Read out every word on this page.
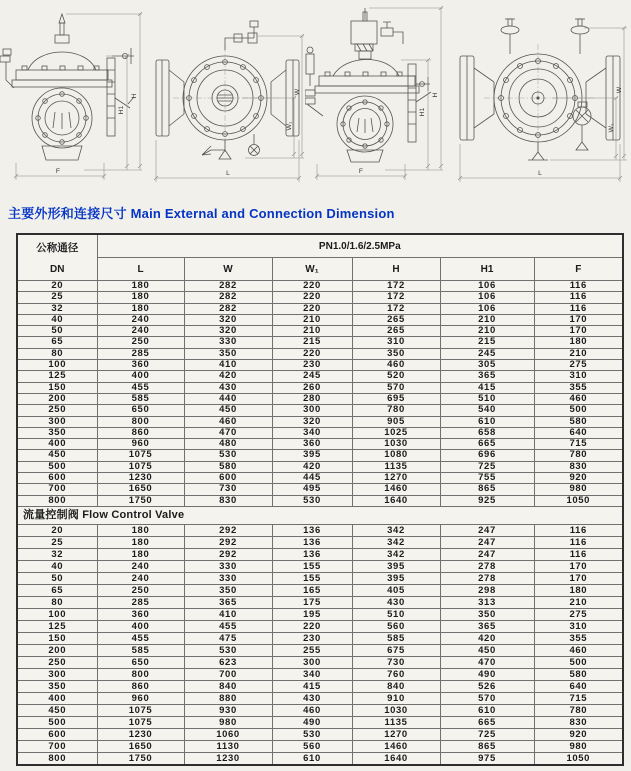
F
H1
H
L
W
W₁
F
H1
H
L
W
W₁
主要外形和连接尺寸 Main External and Connection Dimension
公称通径
DN	PN1.0/1.6/2.5MPa					
	L	W	W₁	H	H1	F
20	180	282	220	172	106	116
25	180	282	220	172	106	116
32	180	282	220	172	106	116
40	240	320	210	265	210	170
50	240	320	210	265	210	170
65	250	330	215	310	215	180
80	285	350	220	350	245	210
100	360	410	230	460	305	275
125	400	420	245	520	365	310
150	455	430	260	570	415	355
200	585	440	280	695	510	460
250	650	450	300	780	540	500
300	800	460	320	905	610	580
350	860	470	340	1025	658	640
400	960	480	360	1030	665	715
450	1075	530	395	1080	696	780
500	1075	580	420	1135	725	830
600	1230	600	445	1270	755	920
700	1650	730	495	1460	865	980
800	1750	830	530	1640	925	1050
流量控制阀 Flow Control Valve						
20	180	292	136	342	247	116
25	180	292	136	342	247	116
32	180	292	136	342	247	116
40	240	330	155	395	278	170
50	240	330	155	395	278	170
65	250	350	165	405	298	180
80	285	365	175	430	313	210
100	360	410	195	510	350	275
125	400	455	220	560	365	310
150	455	475	230	585	420	355
200	585	530	255	675	450	460
250	650	623	300	730	470	500
300	800	700	340	760	490	580
350	860	840	415	840	526	640
400	960	880	430	910	570	715
450	1075	930	460	1030	610	780
500	1075	980	490	1135	665	830
600	1230	1060	530	1270	725	920
700	1650	1130	560	1460	865	980
800	1750	1230	610	1640	975	1050
